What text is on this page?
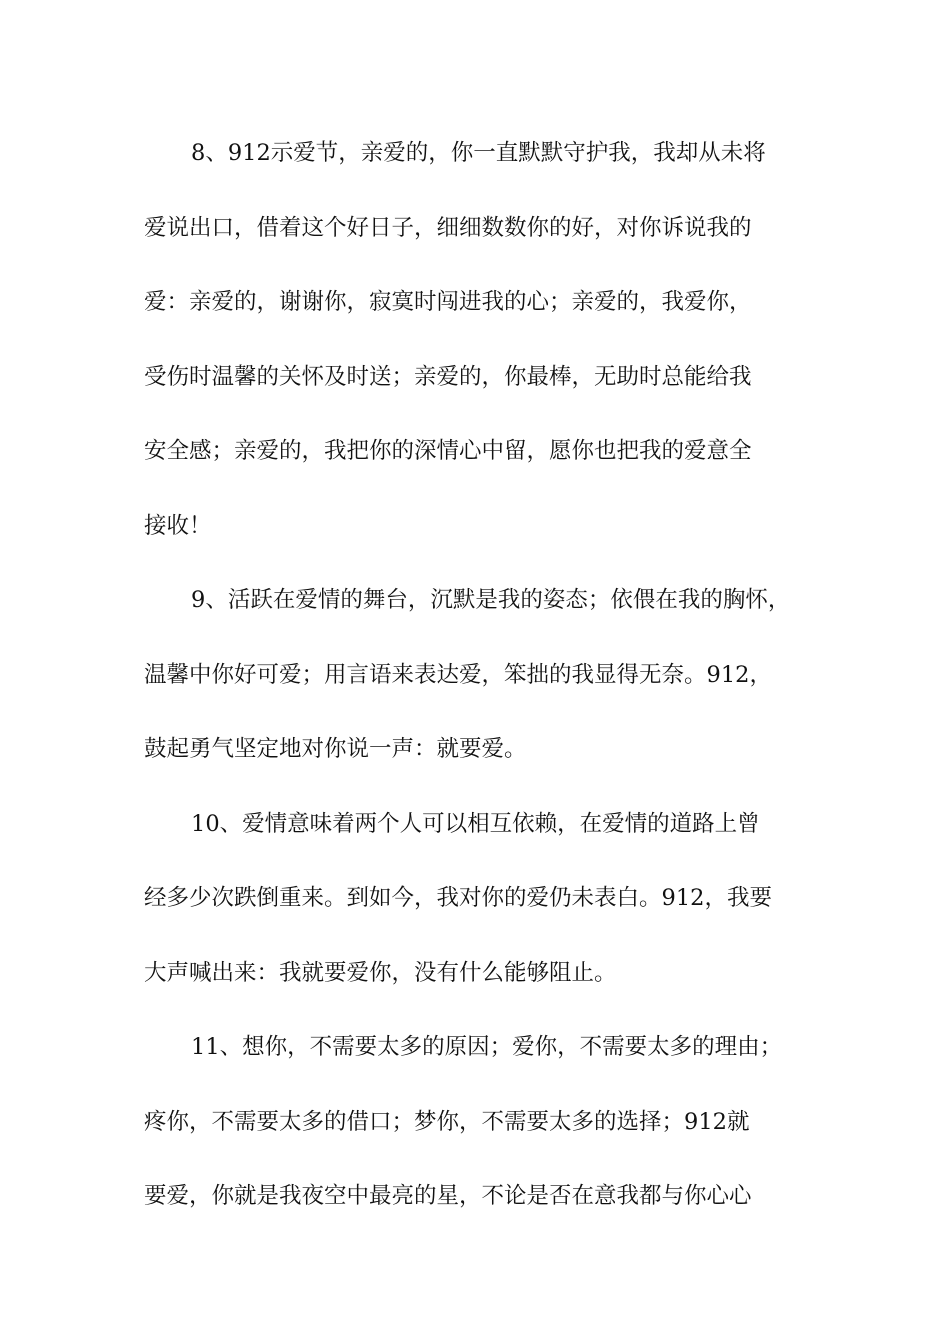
8、912示爱节，亲爱的，你一直默默守护我，我却从未将
爱说出口，借着这个好日子，细细数数你的好，对你诉说我的
爱：亲爱的，谢谢你，寂寞时闯进我的心；亲爱的，我爱你，
受伤时温馨的关怀及时送；亲爱的，你最棒，无助时总能给我
安全感；亲爱的，我把你的深情心中留，愿你也把我的爱意全
接收！
9、活跃在爱情的舞台，沉默是我的姿态；依偎在我的胸怀，
温馨中你好可爱；用言语来表达爱，笨拙的我显得无奈。912，
鼓起勇气坚定地对你说一声：就要爱。
10、爱情意味着两个人可以相互依赖，在爱情的道路上曾
经多少次跌倒重来。到如今，我对你的爱仍未表白。912，我要
大声喊出来：我就要爱你，没有什么能够阻止。
11、想你，不需要太多的原因；爱你，不需要太多的理由；
疼你，不需要太多的借口；梦你，不需要太多的选择；912就
要爱，你就是我夜空中最亮的星，不论是否在意我都与你心心
